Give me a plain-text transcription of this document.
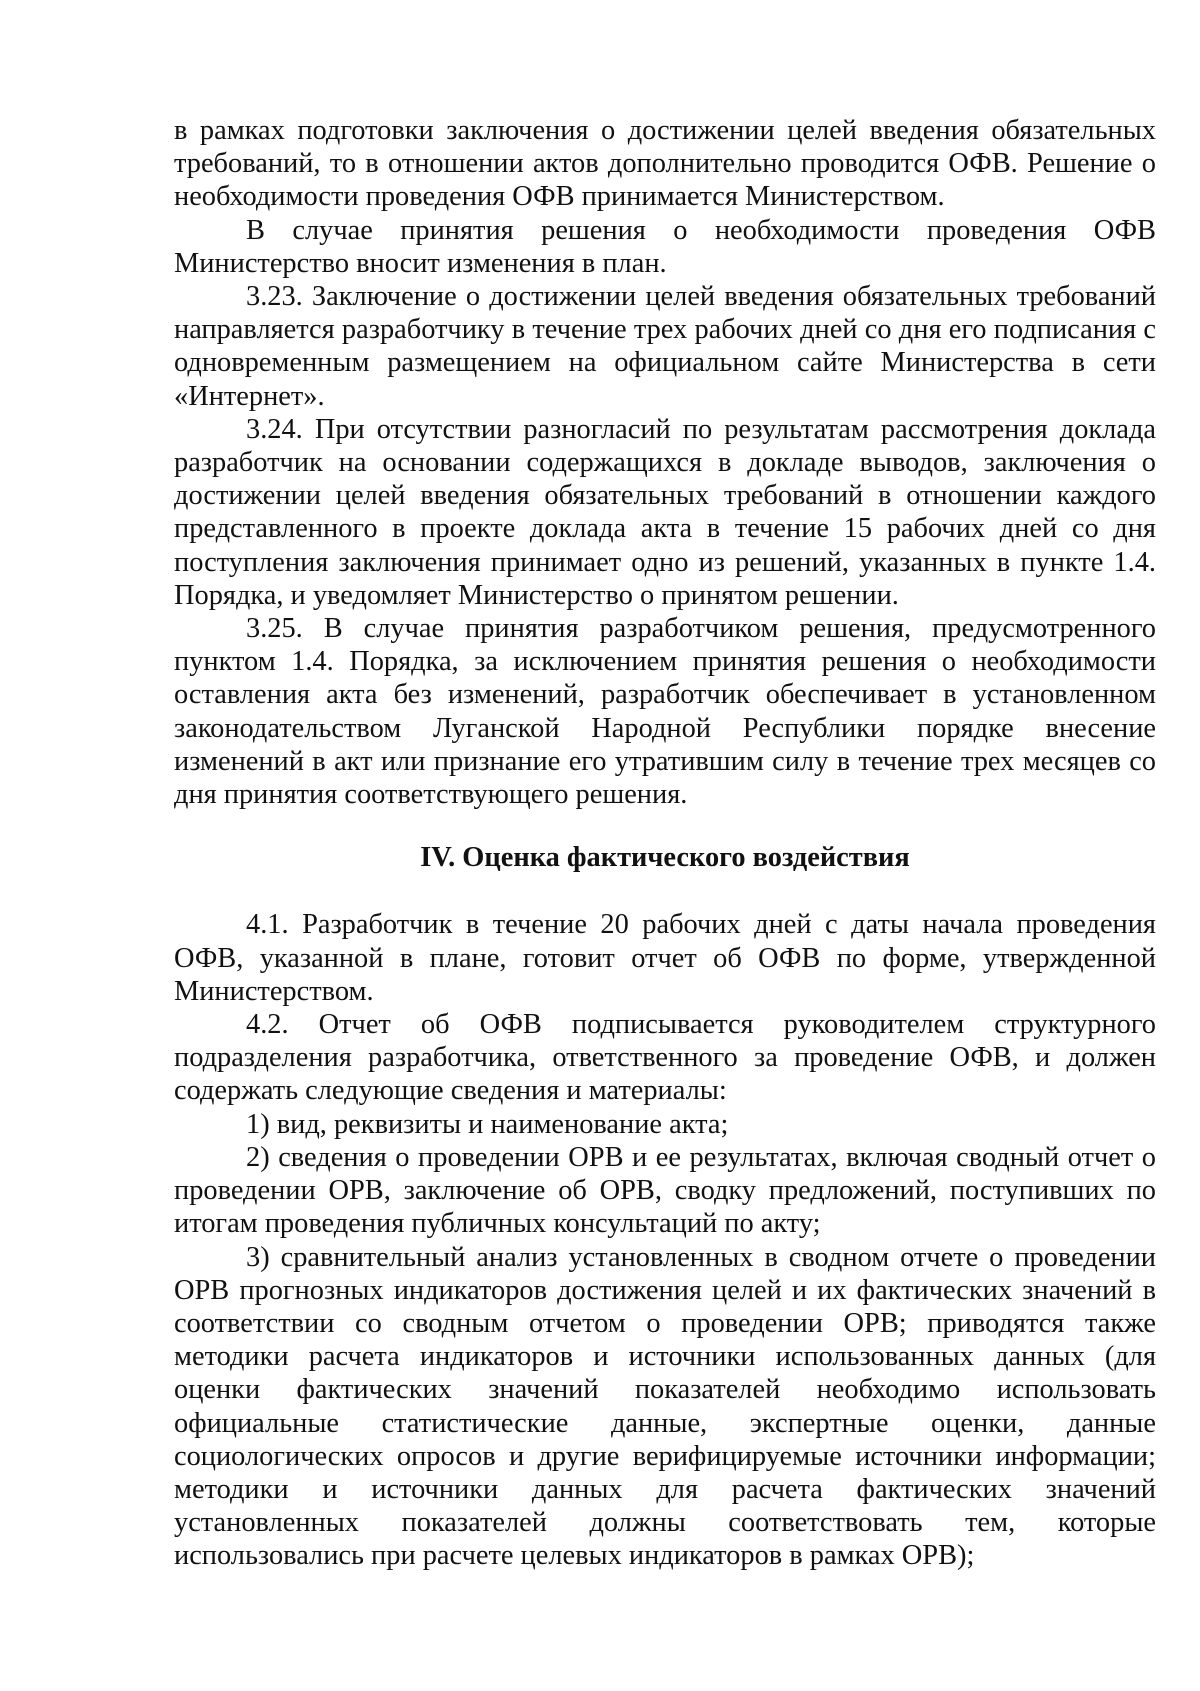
в рамках подготовки заключения о достижении целей введения обязательных требований, то в отношении актов дополнительно проводится ОФВ. Решение о необходимости проведения ОФВ принимается Министерством.

В случае принятия решения о необходимости проведения ОФВ Министерство вносит изменения в план.

3.23. Заключение о достижении целей введения обязательных требований направляется разработчику в течение трех рабочих дней со дня его подписания с одновременным размещением на официальном сайте Министерства в сети «Интернет».

3.24. При отсутствии разногласий по результатам рассмотрения доклада разработчик на основании содержащихся в докладе выводов, заключения о достижении целей введения обязательных требований в отношении каждого представленного в проекте доклада акта в течение 15 рабочих дней со дня поступления заключения принимает одно из решений, указанных в пункте 1.4. Порядка, и уведомляет Министерство о принятом решении.

3.25. В случае принятия разработчиком решения, предусмотренного пунктом 1.4. Порядка, за исключением принятия решения о необходимости оставления акта без изменений, разработчик обеспечивает в установленном законодательством Луганской Народной Республики порядке внесение изменений в акт или признание его утратившим силу в течение трех месяцев со дня принятия соответствующего решения.

IV. Оценка фактического воздействия

4.1. Разработчик в течение 20 рабочих дней с даты начала проведения ОФВ, указанной в плане, готовит отчет об ОФВ по форме, утвержденной Министерством.

4.2. Отчет об ОФВ подписывается руководителем структурного подразделения разработчика, ответственного за проведение ОФВ, и должен содержать следующие сведения и материалы:

1) вид, реквизиты и наименование акта;

2) сведения о проведении ОРВ и ее результатах, включая сводный отчет о проведении ОРВ, заключение об ОРВ, сводку предложений, поступивших по итогам проведения публичных консультаций по акту;

3) сравнительный анализ установленных в сводном отчете о проведении ОРВ прогнозных индикаторов достижения целей и их фактических значений в соответствии со сводным отчетом о проведении ОРВ; приводятся также методики расчета индикаторов и источники использованных данных (для оценки фактических значений показателей необходимо использовать официальные статистические данные, экспертные оценки, данные социологических опросов и другие верифицируемые источники информации; методики и источники данных для расчета фактических значений установленных показателей должны соответствовать тем, которые использовались при расчете целевых индикаторов в рамках ОРВ);
